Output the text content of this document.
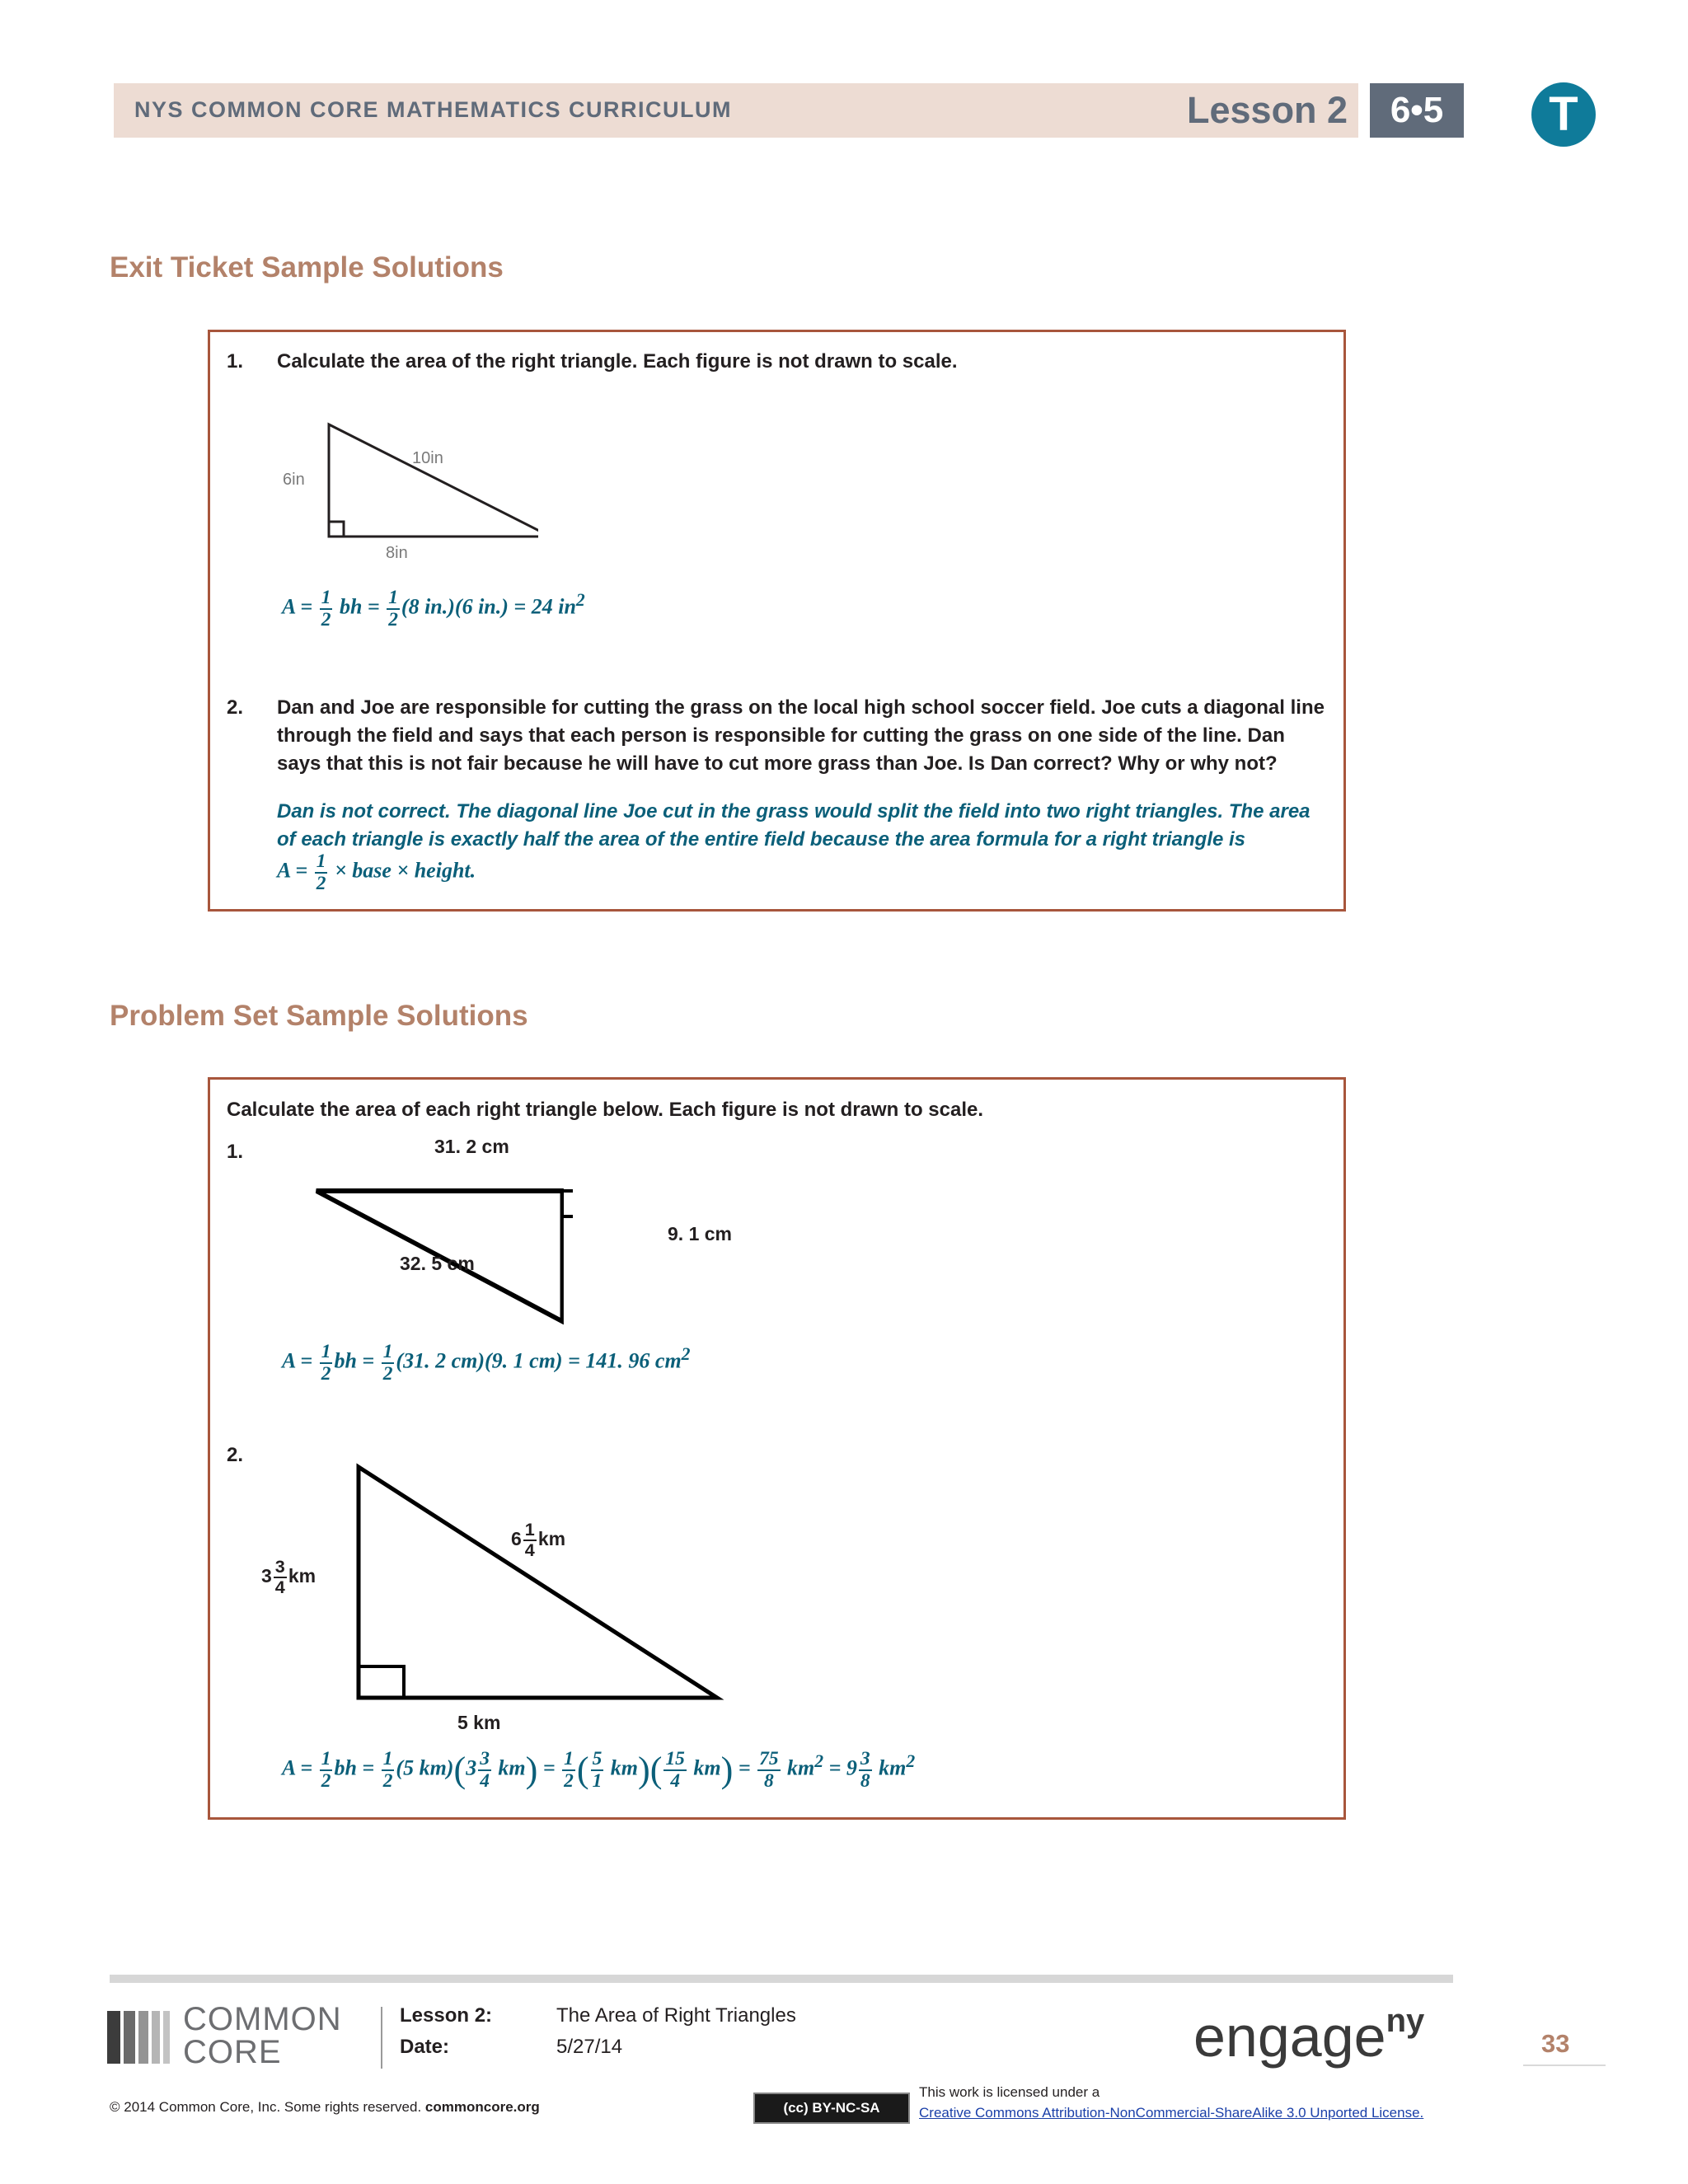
NYS COMMON CORE MATHEMATICS CURRICULUM	Lesson 2	6•5	T
Exit Ticket Sample Solutions
1. Calculate the area of the right triangle. Each figure is not drawn to scale.
10in
6in
8in
$A = \frac{1}{2}$ bh = $\frac{1}{2} (8$ in.)(6 in.) = 24 $in^2$
2. Dan and Joe are responsible for cutting the grass on the local high school soccer field. Joe cuts a diagonal line through the field and says that each person is responsible for cutting the grass on one side of the line. Dan says that this is not fair because he will have to cut more grass than Joe. Is Dan correct? Why or why not?
Dan is not correct. The diagonal line Joe cut in the grass would split the field into two right triangles. The area of each triangle is exactly half the area of the entire field because the area formula for a right triangle is
$A = \frac{1}{2}$ × base × height.
Problem Set Sample Solutions
Calculate the area of each right triangle below. Each figure is not drawn to scale.
1.	31. 2 cm
9. 1 cm
32. 5 cm
$A = \frac{1}{2}$ bh = $\frac{1}{2} (31$. 2 cm)(9. 1 cm) = 141. 96 $cm^2$
2.
$6 \frac{1}{4}$ km
$3 \frac{3}{4}$ km
5 km
$A = \frac{1}{2}$ bh = $\frac{1}{2} (5$ $km)(3 \frac{3}{4} km) = \frac{1}{2}$ ( $\frac{5}{1} km)( \frac{15}{4} km) = \frac{75}{8} km^2 = 9 \frac{3}{8} km^2$
COMMON
CORE
Lesson 2:	The Area of Right Triangles
Date:	5/27/14	engage$^{ny}$
33
© 2014 Common Core, Inc. Some rights reserved. commoncore.org	(cc) BY-NC-SA
This work is licensed under a
Creative Commons Attribution-NonCommercial-ShareAlike 3.0 Unported License.
